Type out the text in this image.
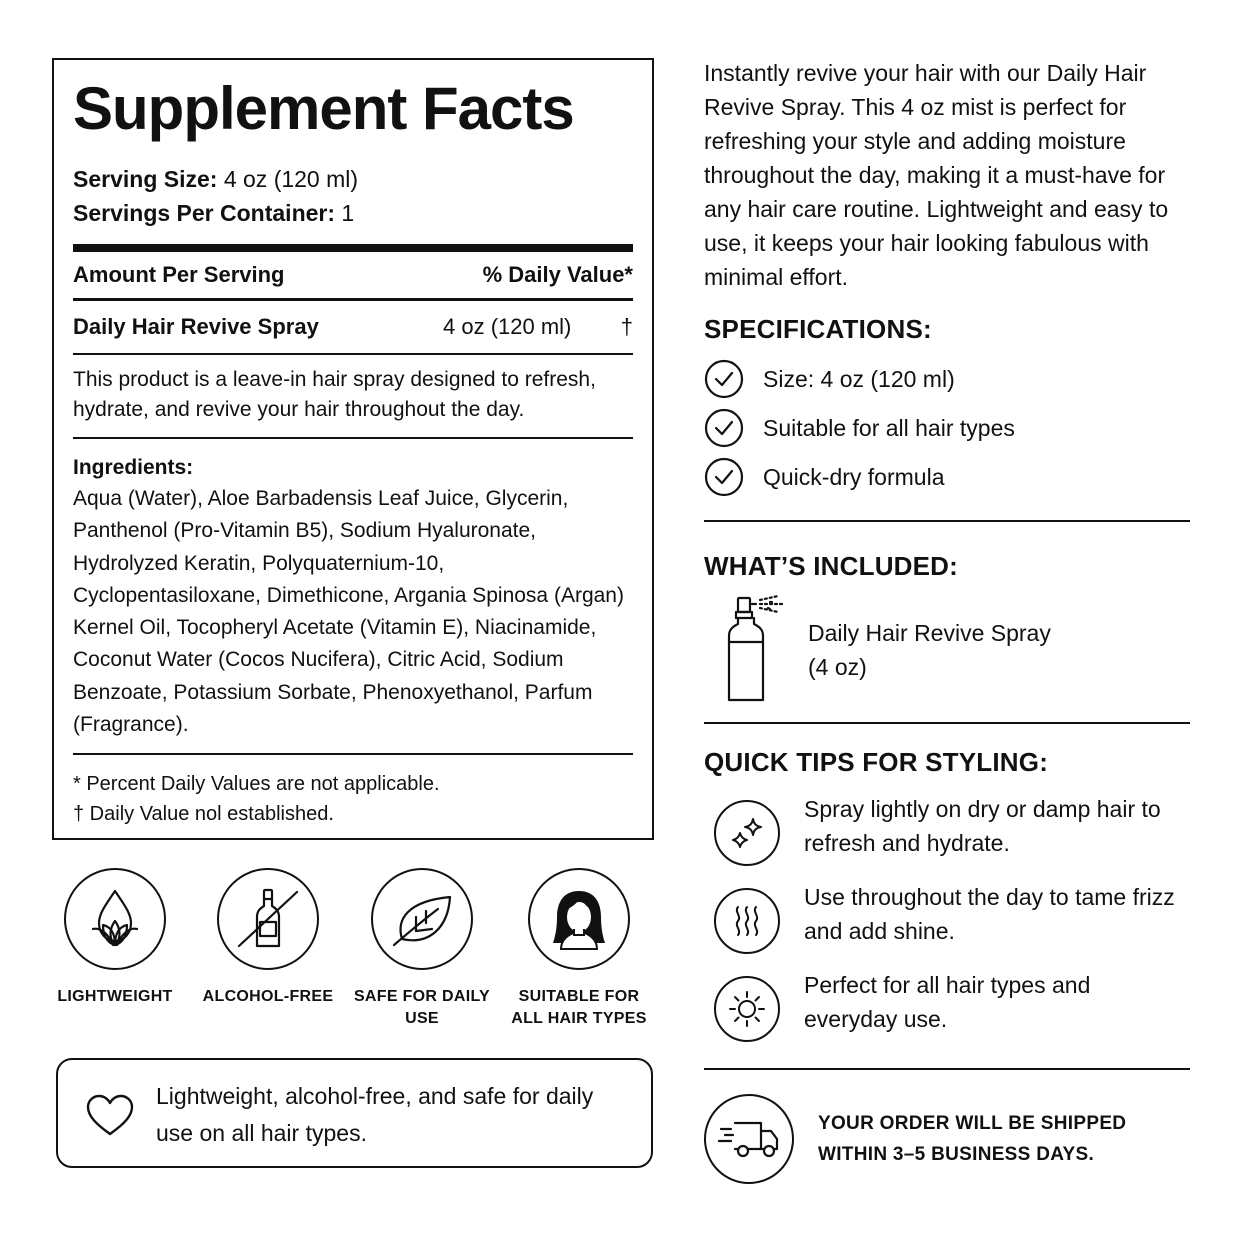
Supplement Facts
Serving Size: 4 oz (120 ml)
Servings Per Container: 1
Amount Per Serving	% Daily Value*
Daily Hair Revive Spray	4 oz (120 ml)	†
This product is a leave-in hair spray designed to refresh, hydrate, and revive your hair throughout the day.
Ingredients:
Aqua (Water), Aloe Barbadensis Leaf Juice, Glycerin, Panthenol (Pro-Vitamin B5), Sodium Hyaluronate, Hydrolyzed Keratin, Polyquaternium-10, Cyclopentasiloxane, Dimethicone, Argania Spinosa (Argan) Kernel Oil, Tocopheryl Acetate (Vitamin E), Niacinamide, Coconut Water (Cocos Nucifera), Citric Acid, Sodium Benzoate, Potassium Sorbate, Phenoxyethanol, Parfum (Fragrance).
* Percent Daily Values are not applicable.
† Daily Value nol established.
LIGHTWEIGHT	ALCOHOL-FREE	SAFE FOR DAILY USE
SUITABLE FOR ALL HAIR TYPES
Lightweight, alcohol-free, and safe for daily use on all hair types.
Instantly revive your hair with our Daily Hair Revive Spray. This 4 oz mist is perfect for refreshing your style and adding moisture throughout the day, making it a must-have for any hair care routine. Lightweight and easy to use, it keeps your hair looking fabulous with minimal effort.
SPECIFICATIONS:
Size: 4 oz (120 ml)
Suitable for all hair types
Quick-dry formula
WHAT’S INCLUDED:
Daily Hair Revive Spray
(4 oz)
QUICK TIPS FOR STYLING:
Spray lightly on dry or damp hair to refresh and hydrate.
Use throughout the day to tame frizz and add shine.
Perfect for all hair types and everyday use.
YOUR ORDER WILL BE SHIPPED WITHIN 3–5 BUSINESS DAYS.
